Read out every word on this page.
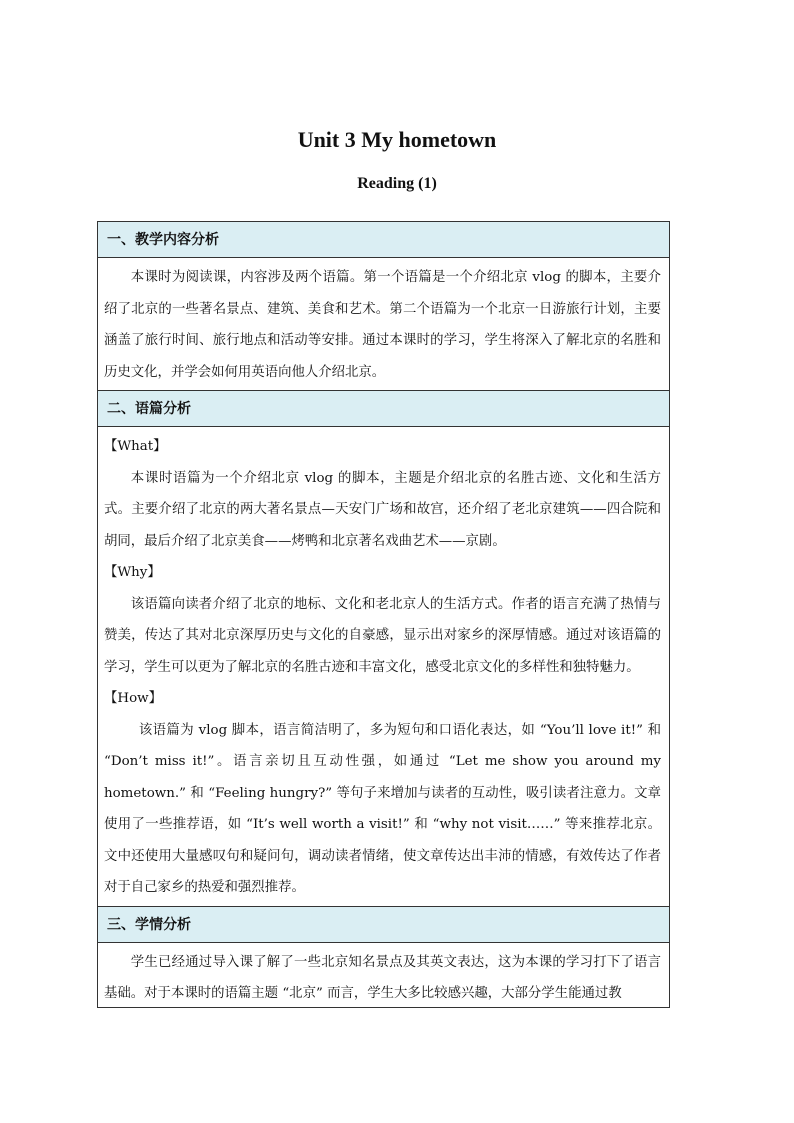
Unit 3 My hometown
Reading (1)
一、教学内容分析

本课时为阅读课，内容涉及两个语篇。第一个语篇是一个介绍北京 vlog 的脚本，主要介绍了北京的一些著名景点、建筑、美食和艺术。第二个语篇为一个北京一日游旅行计划，主要涵盖了旅行时间、旅行地点和活动等安排。通过本课时的学习，学生将深入了解北京的名胜和历史文化，并学会如何用英语向他人介绍北京。

二、语篇分析

【What】

本课时语篇为一个介绍北京 vlog 的脚本，主题是介绍北京的名胜古迹、文化和生活方式。主要介绍了北京的两大著名景点—天安门广场和故宫，还介绍了老北京建筑——四合院和胡同，最后介绍了北京美食——烤鸭和北京著名戏曲艺术——京剧。

【Why】

该语篇向读者介绍了北京的地标、文化和老北京人的生活方式。作者的语言充满了热情与赞美，传达了其对北京深厚历史与文化的自豪感，显示出对家乡的深厚情感。通过对该语篇的学习，学生可以更为了解北京的名胜古迹和丰富文化，感受北京文化的多样性和独特魅力。

【How】

该语篇为 vlog 脚本，语言简洁明了，多为短句和口语化表达，如 “You’ll love it!” 和 “Don’t miss it!”。语言亲切且互动性强，如通过 “Let me show you around my hometown.” 和 “Feeling hungry?” 等句子来增加与读者的互动性，吸引读者注意力。文章使用了一些推荐语，如 “It’s well worth a visit!” 和 “why not visit……” 等来推荐北京。文中还使用大量感叹句和疑问句，调动读者情绪，使文章传达出丰沛的情感，有效传达了作者对于自己家乡的热爱和强烈推荐。

三、学情分析

学生已经通过导入课了解了一些北京知名景点及其英文表达，这为本课的学习打下了语言基础。对于本课时的语篇主题 “北京” 而言，学生大多比较感兴趣，大部分学生能通过教
